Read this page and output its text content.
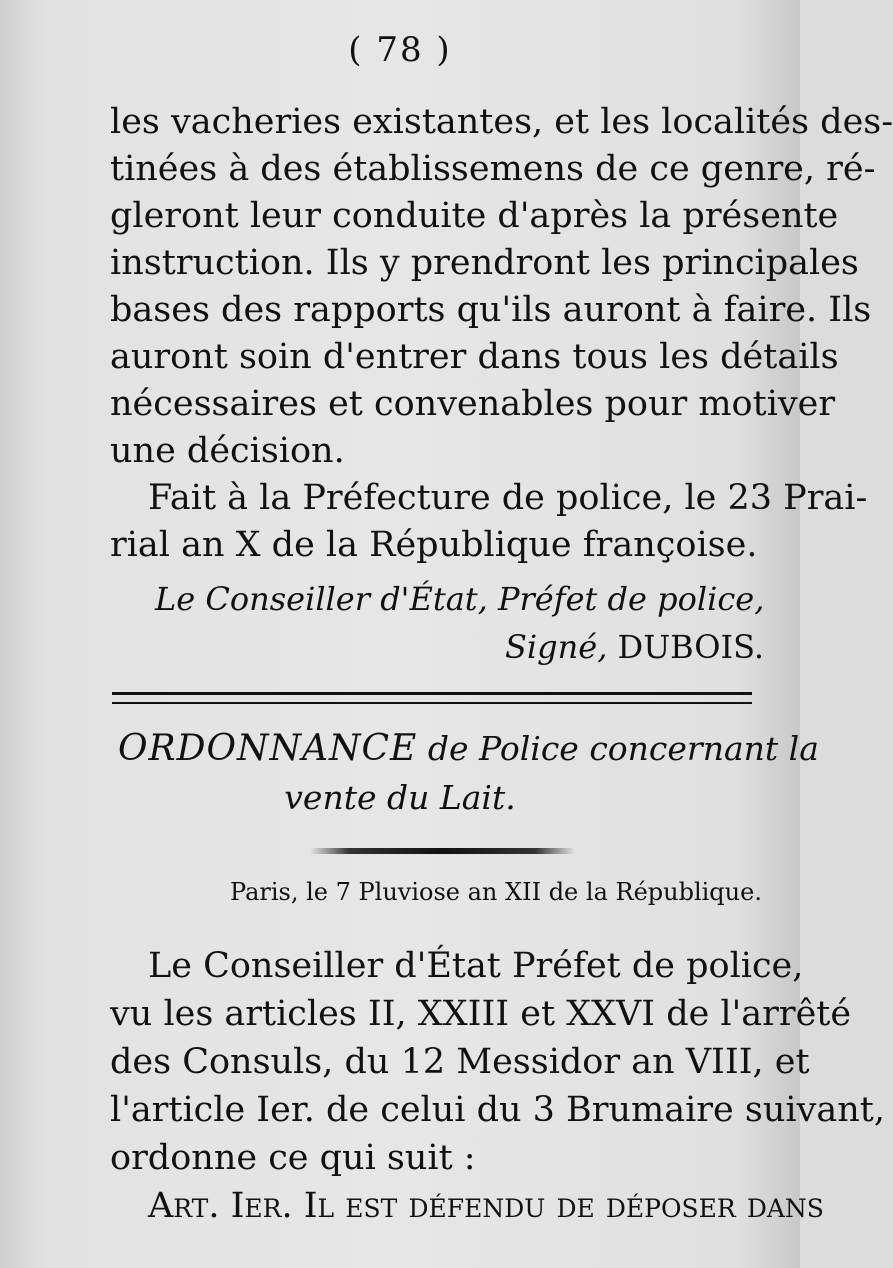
( 78 )
les vacheries existantes, et les localités des-
tinées à des établissemens de ce genre, ré-
gleront leur conduite d'après la présente
instruction. Ils y prendront les principales
bases des rapports qu'ils auront à faire. Ils
auront soin d'entrer dans tous les détails
nécessaires et convenables pour motiver
une décision.
Fait à la Préfecture de police, le 23 Prai-
rial an X de la République françoise.
Le Conseiller d'État, Préfet de police,
Signé, DUBOIS.
ORDONNANCE de Police concernant la
vente du Lait.
Paris, le 7 Pluviose an XII de la République.
Le Conseiller d'État Préfet de police,
vu les articles II, XXIII et XXVI de l'arrêté
des Consuls, du 12 Messidor an VIII, et
l'article Ier. de celui du 3 Brumaire suivant,
ordonne ce qui suit :
Art. Ier. Il est défendu de déposer dans
